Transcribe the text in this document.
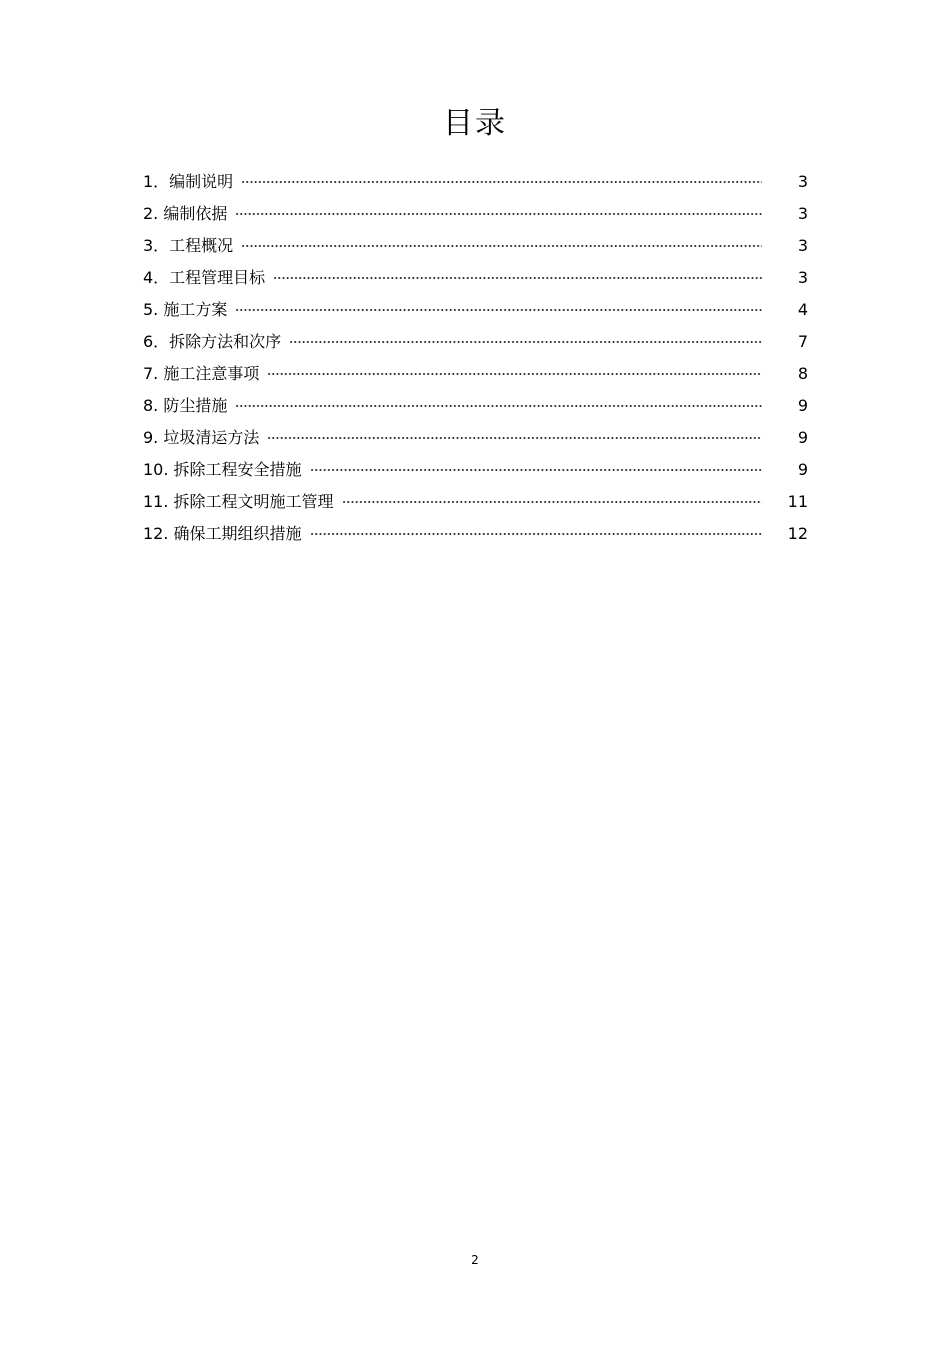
目录
1．编制说明	3
2. 编制依据	3
3．工程概况	3
4．工程管理目标	3
5. 施工方案	4
6．拆除方法和次序	7
7. 施工注意事项	8
8. 防尘措施	9
9. 垃圾清运方法	9
10. 拆除工程安全措施	9
11. 拆除工程文明施工管理	11
12. 确保工期组织措施	12
2
